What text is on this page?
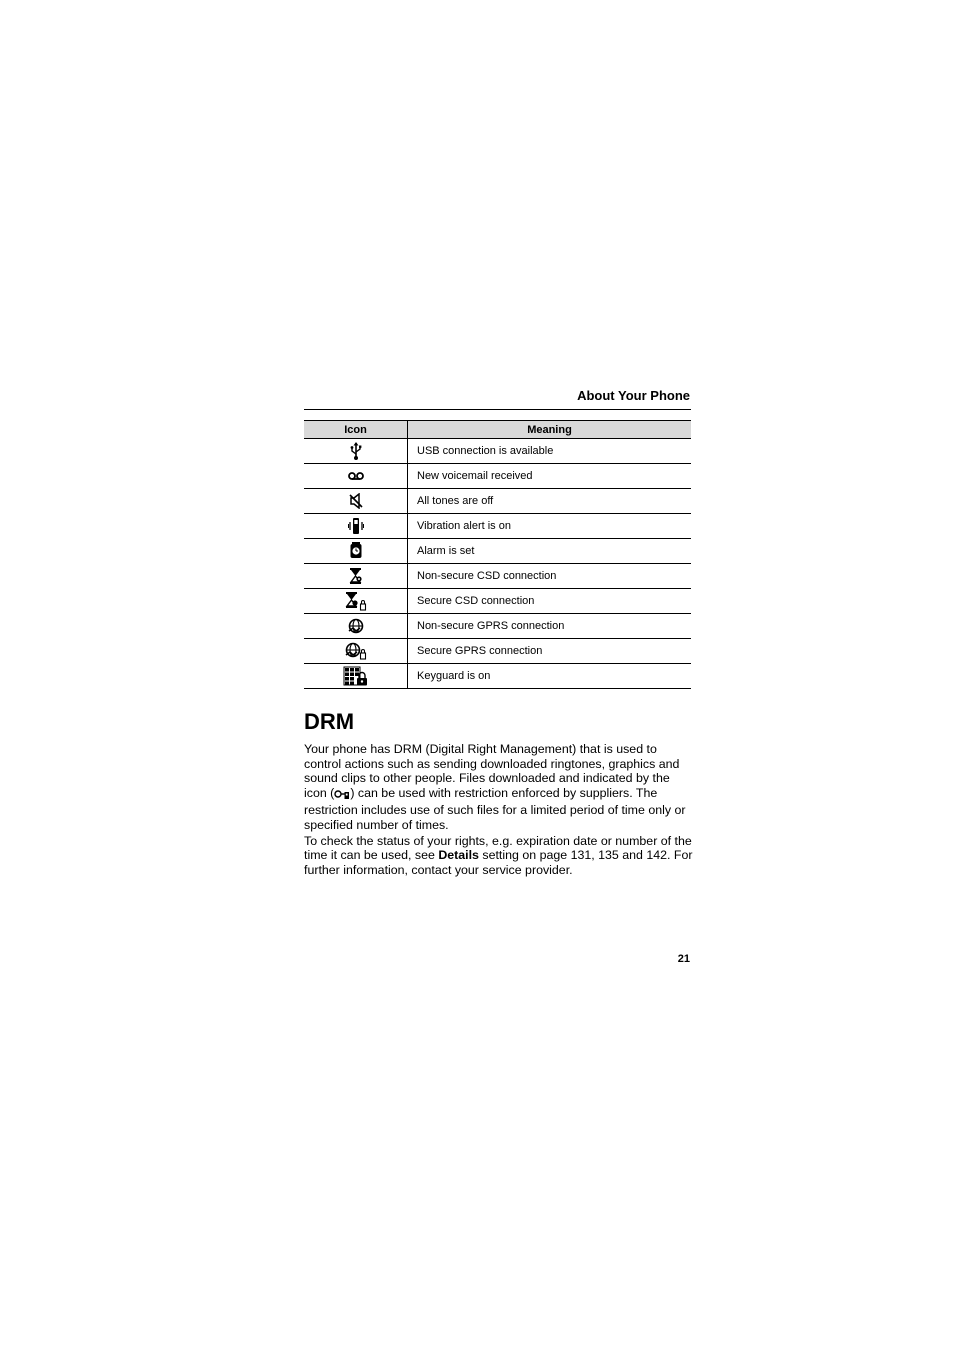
About Your Phone
Icon	Meaning

	USB connection is available

	New voicemail received

	All tones are off

	Vibration alert is on

	Alarm is set

	Non-secure CSD connection

	Secure CSD connection

	Non-secure GPRS connection

	Secure GPRS connection

	Keyguard is on
DRM

Your phone has DRM (Digital Right Management) that is used to control actions such as sending downloaded ringtones, graphics and sound clips to other people. Files downloaded and indicated by the icon ( ) can be used with restriction enforced by suppliers. The restriction includes use of such files for a limited period of time only or specified number of times.

To check the status of your rights, e.g. expiration date or number of the time it can be used, see Details setting on page 131, 135 and 142. For further information, contact your service provider.

21
